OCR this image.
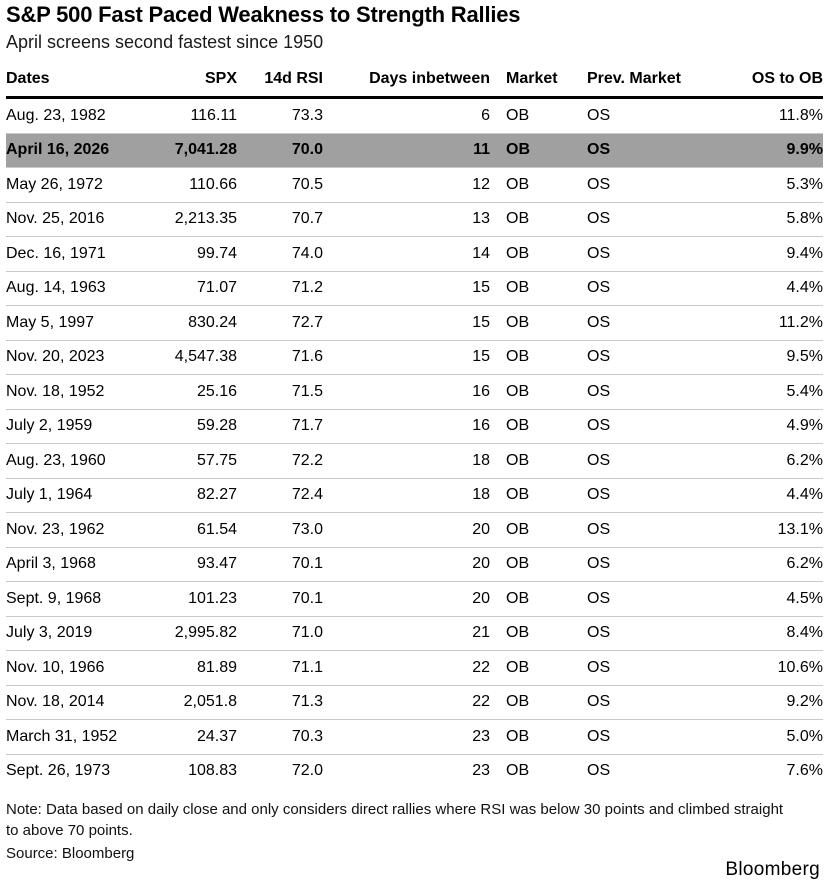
S&P 500 Fast Paced Weakness to Strength Rallies

April screens second fastest since 1950

Dates	SPX	14d RSI	Days inbetween	Market	Prev. Market	OS to OB
Aug. 23, 1982	116.11	73.3	6	OB	OS	11.8%
April 16, 2026	7,041.28	70.0	11	OB	OS	9.9%
May 26, 1972	110.66	70.5	12	OB	OS	5.3%
Nov. 25, 2016	2,213.35	70.7	13	OB	OS	5.8%
Dec. 16, 1971	99.74	74.0	14	OB	OS	9.4%
Aug. 14, 1963	71.07	71.2	15	OB	OS	4.4%
May 5, 1997	830.24	72.7	15	OB	OS	11.2%
Nov. 20, 2023	4,547.38	71.6	15	OB	OS	9.5%
Nov. 18, 1952	25.16	71.5	16	OB	OS	5.4%
July 2, 1959	59.28	71.7	16	OB	OS	4.9%
Aug. 23, 1960	57.75	72.2	18	OB	OS	6.2%
July 1, 1964	82.27	72.4	18	OB	OS	4.4%
Nov. 23, 1962	61.54	73.0	20	OB	OS	13.1%
April 3, 1968	93.47	70.1	20	OB	OS	6.2%
Sept. 9, 1968	101.23	70.1	20	OB	OS	4.5%
July 3, 2019	2,995.82	71.0	21	OB	OS	8.4%
Nov. 10, 1966	81.89	71.1	22	OB	OS	10.6%
Nov. 18, 2014	2,051.8	71.3	22	OB	OS	9.2%
March 31, 1952	24.37	70.3	23	OB	OS	5.0%
Sept. 26, 1973	108.83	72.0	23	OB	OS	7.6%
Note: Data based on daily close and only considers direct rallies where RSI was below 30 points and climbed straight to above 70 points.
Source: Bloomberg
Bloomberg
